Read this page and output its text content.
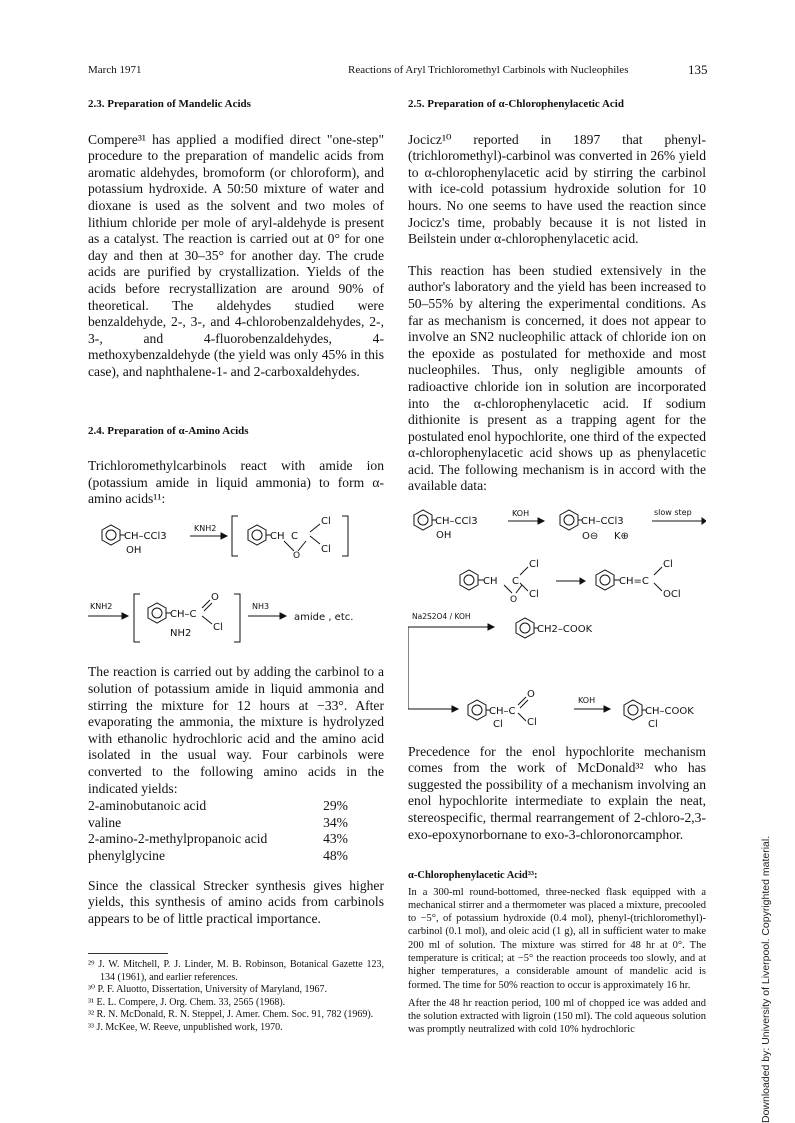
March 1971	Reactions of Aryl Trichloromethyl Carbinols with Nucleophiles	135
2.3. Preparation of Mandelic Acids

Compere³¹ has applied a modified direct "one-step" procedure to the preparation of mandelic acids from aromatic aldehydes, bromoform (or chloroform), and potassium hydroxide. A 50:50 mixture of water and dioxane is used as the solvent and two moles of lithium chloride per mole of aryl-aldehyde is present as a catalyst. The reaction is carried out at 0° for one day and then at 30–35° for another day. The crude acids are purified by crystallization. Yields of the acids before recrystallization are around 90% of theoretical. The aldehydes studied were benzaldehyde, 2-, 3-, and 4-chlorobenzaldehydes, 2-, 3-, and 4-fluorobenzaldehydes, 4-methoxybenzaldehyde (the yield was only 45% in this case), and naphthalene-1- and 2-carboxaldehydes.

2.4. Preparation of α-Amino Acids

Trichloromethylcarbinols react with amide ion (potassium amide in liquid ammonia) to form α-amino acids¹¹:

CH–CCl3
OH
KNH2
CH C
Cl
Cl
O
KNH2
CH–C
O
Cl
NH2
NH3
amide , etc.

The reaction is carried out by adding the carbinol to a solution of potassium amide in liquid ammonia and stirring the mixture for 12 hours at −33°. After evaporating the ammonia, the mixture is hydrolyzed with ethanolic hydrochloric acid and the amino acid isolated in the usual way. Four carbinols were converted to the following amino acids in the indicated yields:

2-aminobutanoic acid	29%
valine	34%
2-amino-2-methylpropanoic acid	43%
phenylglycine	48%

Since the classical Strecker synthesis gives higher yields, this synthesis of amino acids from carbinols appears to be of little practical importance.

²⁹ J. W. Mitchell, P. J. Linder, M. B. Robinson, Botanical Gazette 123, 134 (1961), and earlier references.

³⁰ P. F. Aluotto, Dissertation, University of Maryland, 1967.

³¹ E. L. Compere, J. Org. Chem. 33, 2565 (1968).

³² R. N. McDonald, R. N. Steppel, J. Amer. Chem. Soc. 91, 782 (1969).

³³ J. McKee, W. Reeve, unpublished work, 1970.

2.5. Preparation of α-Chlorophenylacetic Acid

Jocicz¹⁰ reported in 1897 that phenyl-(trichloromethyl)-carbinol was converted in 26% yield to α-chlorophenylacetic acid by stirring the carbinol with ice-cold potassium hydroxide solution for 10 hours. No one seems to have used the reaction since Jocicz's time, probably because it is not listed in Beilstein under α-chlorophenylacetic acid.

This reaction has been studied extensively in the author's laboratory and the yield has been increased to 50–55% by altering the experimental conditions. As far as mechanism is concerned, it does not appear to involve an SN2 nucleophilic attack of chloride ion on the epoxide as postulated for methoxide and most nucleophiles. Thus, only negligible amounts of radioactive chloride ion in solution are incorporated into the α-chlorophenylacetic acid. If sodium dithionite is present as a trapping agent for the postulated enol hypochlorite, one third of the expected α-chlorophenylacetic acid shows up as phenylacetic acid. The following mechanism is in accord with the available data:

CH–CCl3
OH
KOH
CH–CCl3
O⊖ K⊕
slow step
CH C
Cl
Cl
O
CH=C
Cl
OCl
Na2S2O4 / KOH
CH2–COOK
CH–C
O
Cl
Cl
KOH
CH–COOK
Cl

Precedence for the enol hypochlorite mechanism comes from the work of McDonald³² who has suggested the possibility of a mechanism involving an enol hypochlorite intermediate to explain the neat, stereospecific, thermal rearrangement of 2-chloro-2,3-exo-epoxynorbornane to exo-3-chloronorcamphor.

α-Chlorophenylacetic Acid³³:

In a 300-ml round-bottomed, three-necked flask equipped with a mechanical stirrer and a thermometer was placed a mixture, precooled to −5°, of potassium hydroxide (0.4 mol), phenyl-(trichloromethyl)-carbinol (0.1 mol), and oleic acid (1 g), all in sufficient water to make 200 ml of solution. The mixture was stirred for 48 hr at 0°. The temperature is critical; at −5° the reaction proceeds too slowly, and at higher temperatures, a considerable amount of mandelic acid is formed. The time for 50% reaction to occur is approximately 16 hr.

After the 48 hr reaction period, 100 ml of chopped ice was added and the solution extracted with ligroin (150 ml). The cold aqueous solution was promptly neutralized with cold 10% hydrochloric	Downloaded by: University of Liverpool. Copyrighted material.
